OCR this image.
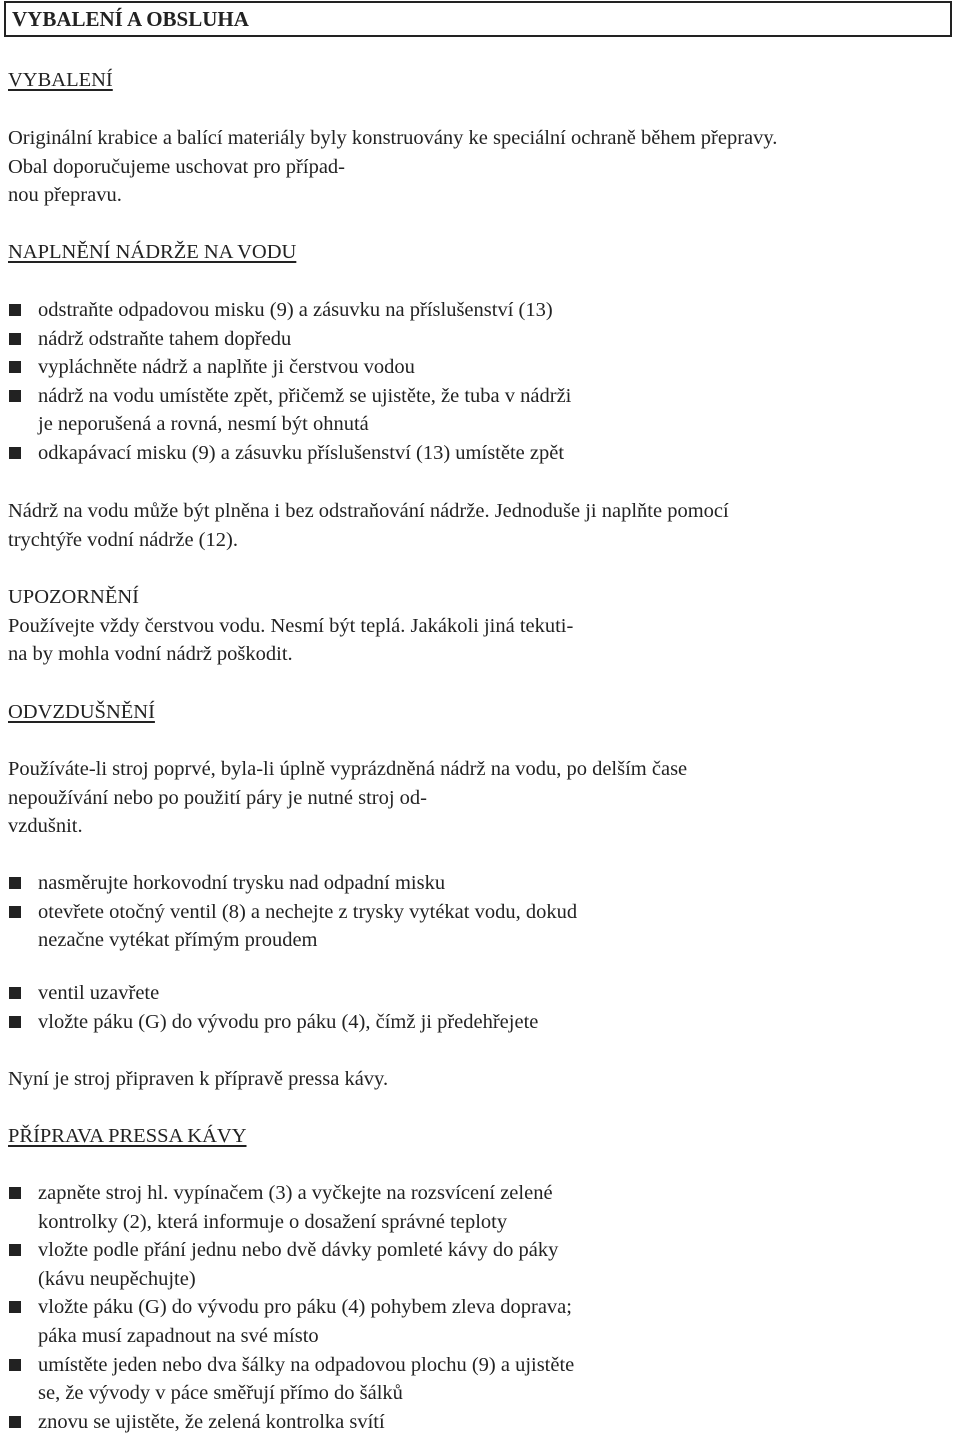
VYBALENÍ A OBSLUHA
VYBALENÍ
Originální krabice a balící materiály byly konstruovány ke speciální ochraně během přepravy.
Obal doporučujeme uschovat pro případ-
nou přepravu.
NAPLNĚNÍ NÁDRŽE NA VODU
odstraňte odpadovou misku (9) a zásuvku na příslušenství (13)
nádrž odstraňte tahem dopředu
vypláchněte nádrž a naplňte ji čerstvou vodou
nádrž na vodu umístěte zpět, přičemž se ujistěte, že tuba v nádrži
je neporušená a rovná, nesmí být ohnutá
odkapávací misku (9) a zásuvku příslušenství (13) umístěte zpět
Nádrž na vodu může být plněna i bez odstraňování nádrže. Jednoduše ji naplňte pomocí
trychtýře vodní nádrže (12).
UPOZORNĚNÍ
Používejte vždy čerstvou vodu. Nesmí být teplá. Jakákoli jiná tekuti-
na by mohla vodní nádrž poškodit.
ODVZDUŠNĚNÍ
Používáte-li stroj poprvé, byla-li úplně vyprázdněná nádrž na vodu, po delším čase
nepoužívání nebo po použití páry je nutné stroj od-
vzdušnit.
nasměrujte horkovodní trysku nad odpadní misku
otevřete otočný ventil (8) a nechejte z trysky vytékat vodu, dokud
nezačne vytékat přímým proudem
ventil uzavřete
vložte páku (G) do vývodu pro páku (4), čímž ji předehřejete
Nyní je stroj připraven k přípravě pressa kávy.
PŘÍPRAVA PRESSA KÁVY
zapněte stroj hl. vypínačem (3) a vyčkejte na rozsvícení zelené
kontrolky (2), která informuje o dosažení správné teploty
vložte podle přání jednu nebo dvě dávky pomleté kávy do páky
(kávu neupěchujte)
vložte páku (G) do vývodu pro páku (4) pohybem zleva doprava;
páka musí zapadnout na své místo
umístěte jeden nebo dva šálky na odpadovou plochu (9) a ujistěte
se, že vývody v páce směřují přímo do šálků
znovu se ujistěte, že zelená kontrolka svítí
